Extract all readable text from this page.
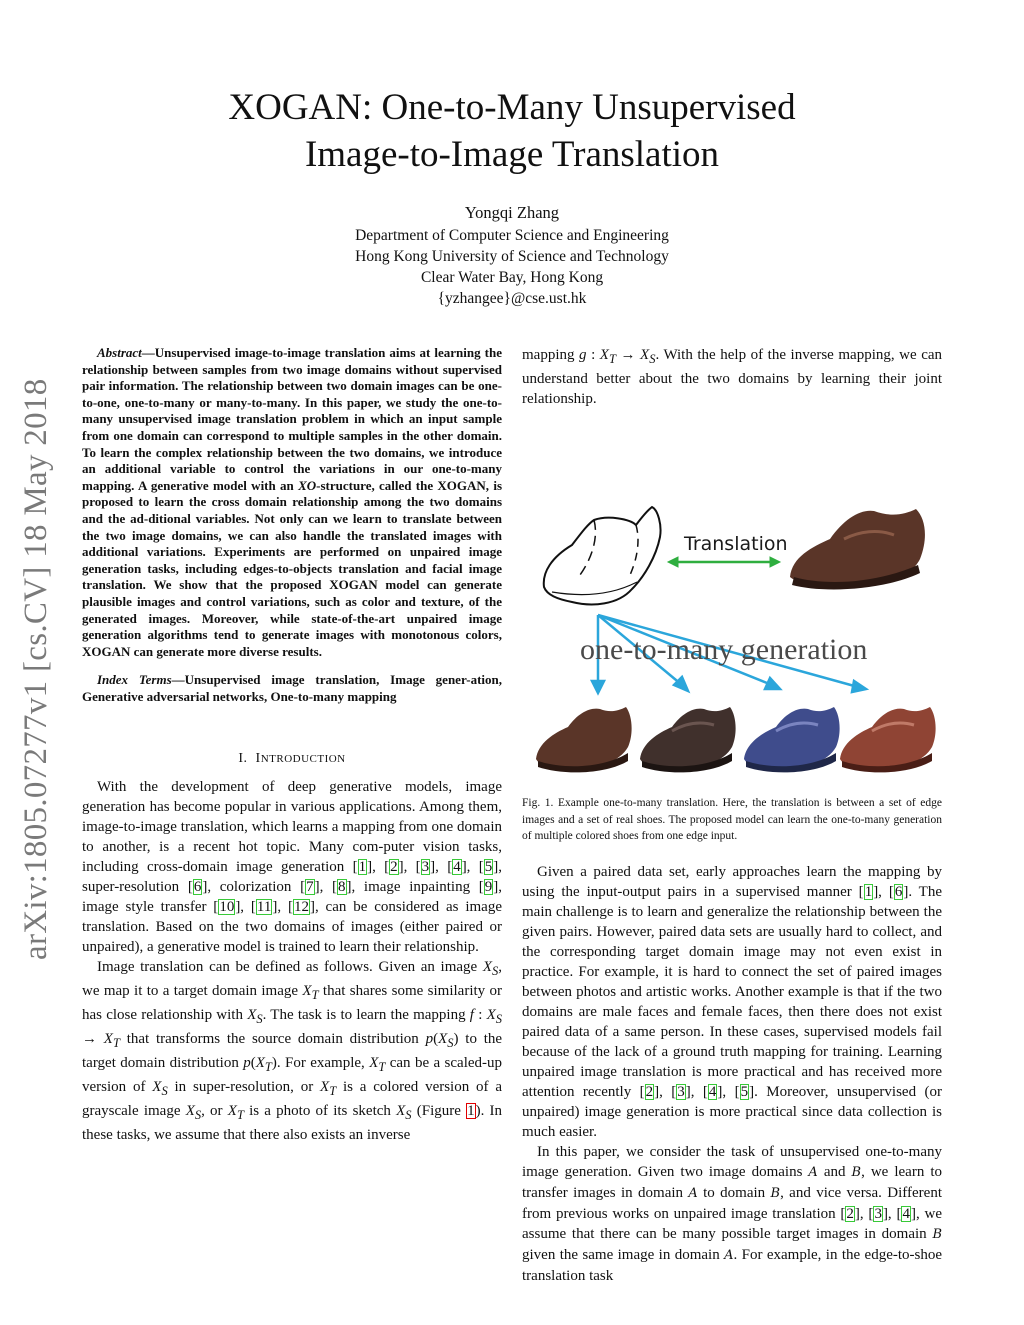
XOGAN: One-to-Many Unsupervised
Image-to-Image Translation
Yongqi Zhang
Department of Computer Science and Engineering
Hong Kong University of Science and Technology
Clear Water Bay, Hong Kong
{yzhangee}@cse.ust.hk
arXiv:1805.07277v1 [cs.CV] 18 May 2018

Abstract—Unsupervised image-to-image translation aims at learning the relationship between samples from two image domains without supervised pair information. The relationship between two domain images can be one-to-one, one-to-many or many-to-many. In this paper, we study the one-to-many unsupervised image translation problem in which an input sample from one domain can correspond to multiple samples in the other domain. To learn the complex relationship between the two domains, we introduce an additional variable to control the variations in our one-to-many mapping. A generative model with an XO-structure, called the XOGAN, is proposed to learn the cross domain relationship among the two domains and the ad-ditional variables. Not only can we learn to translate between the two image domains, we can also handle the translated images with additional variations. Experiments are performed on unpaired image generation tasks, including edges-to-objects translation and facial image translation. We show that the proposed XOGAN model can generate plausible images and control variations, such as color and texture, of the generated images. Moreover, while state-of-the-art unpaired image generation algorithms tend to generate images with monotonous colors, XOGAN can generate more diverse results.

Index Terms—Unsupervised image translation, Image gener-ation, Generative adversarial networks, One-to-many mapping

I. INTRODUCTION

With the development of deep generative models, image generation has become popular in various applications. Among them, image-to-image translation, which learns a mapping from one domain to another, is a recent hot topic. Many com-puter vision tasks, including cross-domain image generation [1], [2], [3], [4], [5], super-resolution [6], colorization [7], [8], image inpainting [9], image style transfer [10], [11], [12], can be considered as image translation. Based on the two domains of images (either paired or unpaired), a generative model is trained to learn their relationship.

Image translation can be defined as follows. Given an image $X_S$, we map it to a target domain image $X_T$ that shares some similarity or has close relationship with $X_S$. The task is to learn the mapping f : $X_S \to X_T$ that transforms the source domain distribution $p(X_S)$ to the target domain distribution $p(X_T)$. For example, $X_T$ can be a scaled-up version of $X_S$ in super-resolution, or $X_T$ is a colored version of a grayscale image $X_S$, or $X_T$ is a photo of its sketch $X_S$ (Figure 1). In these tasks, we assume that there also exists an inverse

mapping g : $X_T \to X_S$. With the help of the inverse mapping, we can understand better about the two domains by learning their joint relationship.

Translation
one-to-many generation
Fig. 1. Example one-to-many translation. Here, the translation is between a set of edge images and a set of real shoes. The proposed model can learn the one-to-many generation of multiple colored shoes from one edge input.

Given a paired data set, early approaches learn the mapping by using the input-output pairs in a supervised manner [1], [6]. The main challenge is to learn and generalize the relationship between the given pairs. However, paired data sets are usually hard to collect, and the corresponding target domain image may not even exist in practice. For example, it is hard to connect the set of paired images between photos and artistic works. Another example is that if the two domains are male faces and female faces, then there does not exist paired data of a same person. In these cases, supervised models fail because of the lack of a ground truth mapping for training. Learning unpaired image translation is more practical and has received more attention recently [2], [3], [4], [5]. Moreover, unsupervised (or unpaired) image generation is more practical since data collection is much easier.

In this paper, we consider the task of unsupervised one-to-many image generation. Given two image domains A and B, we learn to transfer images in domain A to domain B, and vice versa. Different from previous works on unpaired image translation [2], [3], [4], we assume that there can be many possible target images in domain B given the same image in domain A. For example, in the edge-to-shoe translation task
